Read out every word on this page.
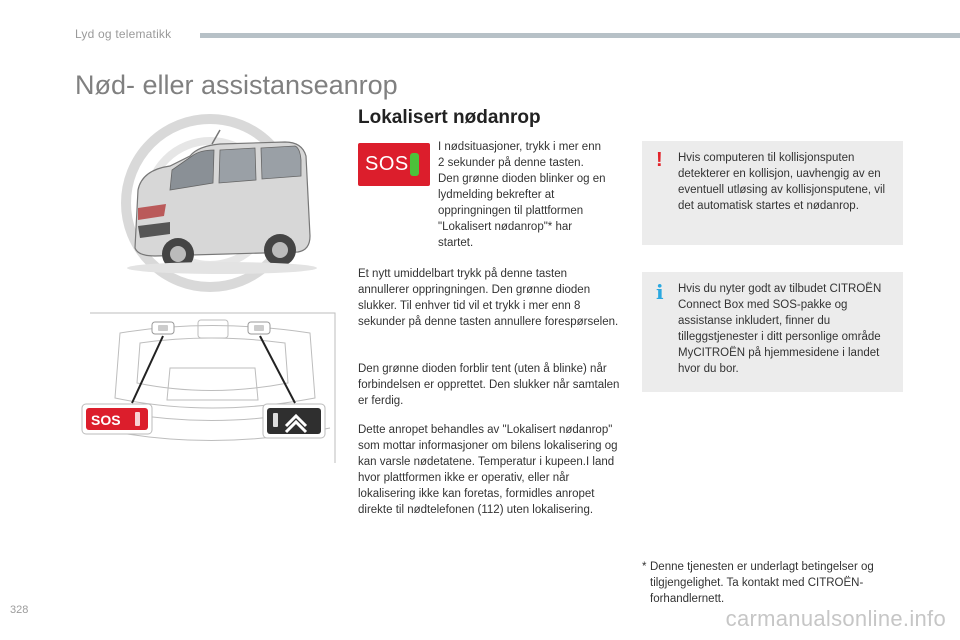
Lyd og telematikk
Nød- eller assistanseanrop
Lokalisert nødanrop
SOS

I nødsituasjoner, trykk i mer enn 2 sekunder på denne tasten. Den grønne dioden blinker og en lydmelding bekrefter at oppringningen til plattformen "Lokalisert nødanrop"* har startet.

Et nytt umiddelbart trykk på denne tasten annullerer oppringningen. Den grønne dioden slukker. Til enhver tid vil et trykk i mer enn 8 sekunder på denne tasten annullere forespørselen.

Den grønne dioden forblir tent (uten å blinke) når forbindelsen er opprettet. Den slukker når samtalen er ferdig.

Dette anropet behandles av "Lokalisert nødanrop" som mottar informasjoner om bilens lokalisering og kan varsle nødetatene. Temperatur i kupeen.I land hvor plattformen ikke er operativ, eller når lokalisering ikke kan foretas, formidles anropet direkte til nødtelefonen (112) uten lokalisering.

SOS
! Hvis computeren til kollisjonsputen detekterer en kollisjon, uavhengig av en eventuell utløsing av kollisjonsputene, vil det automatisk startes et nødanrop.

i Hvis du nyter godt av tilbudet CITROËN Connect Box med SOS-pakke og assistanse inkludert, finner du tilleggstjenester i ditt personlige område MyCITROËN på hjemmesidene i landet hvor du bor.

* Denne tjenesten er underlagt betingelser og tilgjengelighet. Ta kontakt med CITROËN-forhandlernett.
328	carmanualsonline.info
